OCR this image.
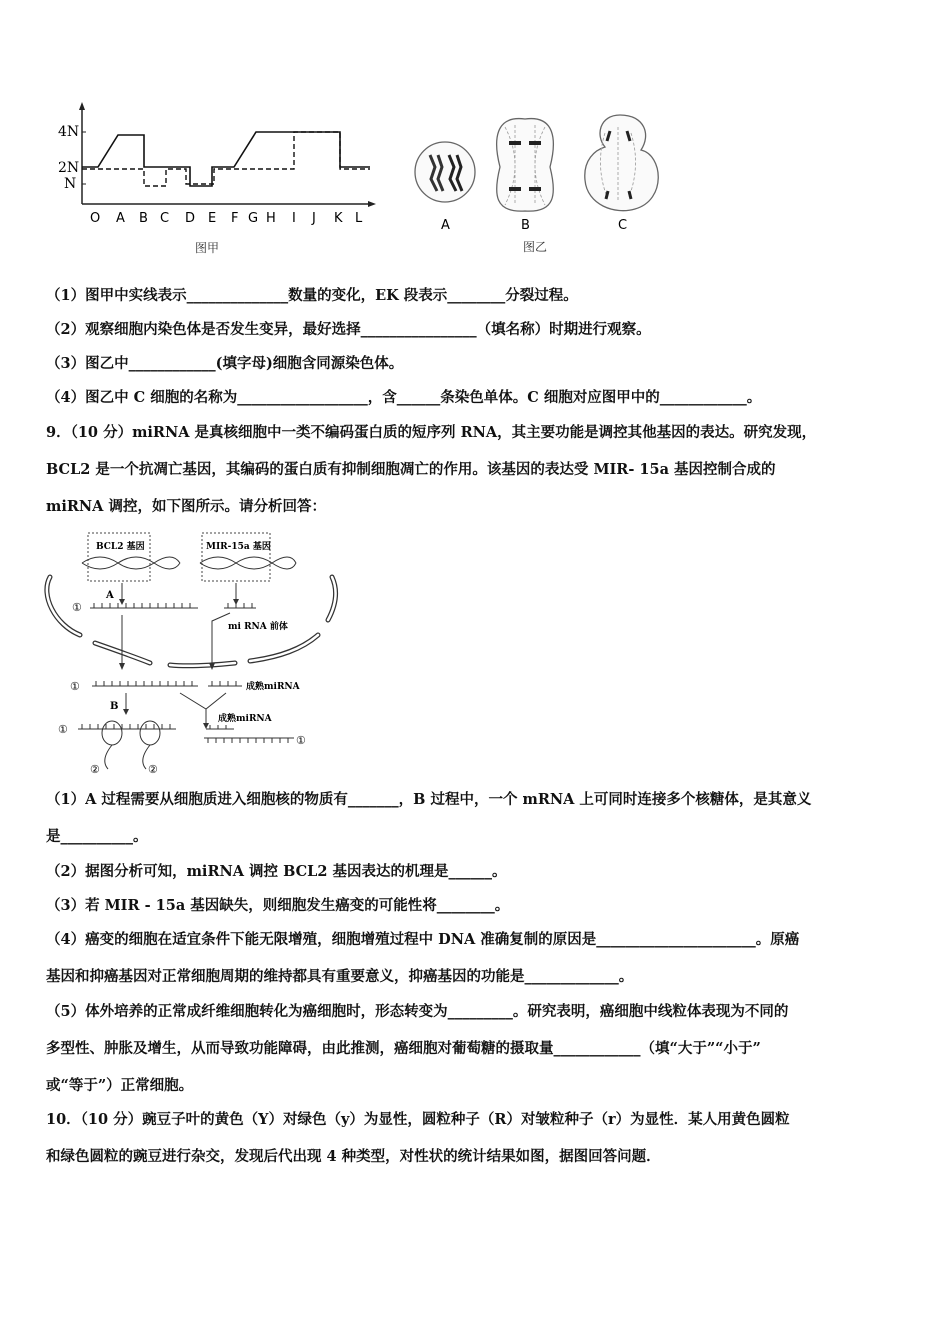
4N
2N
N
O A B C D E F G H I J K L
图甲
A	B	C
图乙
（1）图甲中实线表示______________数量的变化，EK 段表示________分裂过程。
（2）观察细胞内染色体是否发生变异，最好选择________________（填名称）时期进行观察。
（3）图乙中____________(填字母)细胞含同源染色体。
（4）图乙中 C 细胞的名称为__________________，含______条染色单体。C 细胞对应图甲中的____________。
9．（10 分）miRNA 是真核细胞中一类不编码蛋白质的短序列 RNA，其主要功能是调控其他基因的表达。研究发现，
BCL2 是一个抗凋亡基因，其编码的蛋白质有抑制细胞凋亡的作用。该基因的表达受 MIR- 15a 基因控制合成的
miRNA 调控，如下图所示。请分析回答：
BCL2 基因	MIR-15a 基因
①
A
mi RNA 前体
①	成熟miRNA
B
成熟miRNA
①
②	②
①
（1）A 过程需要从细胞质进入细胞核的物质有_______，B 过程中，一个 mRNA 上可同时连接多个核糖体，是其意义
是__________。
（2）据图分析可知，miRNA 调控 BCL2 基因表达的机理是______。
（3）若 MIR - 15a 基因缺失，则细胞发生癌变的可能性将________。
（4）癌变的细胞在适宜条件下能无限增殖，细胞增殖过程中 DNA 准确复制的原因是______________________。原癌
基因和抑癌基因对正常细胞周期的维持都具有重要意义，抑癌基因的功能是_____________。
（5）体外培养的正常成纤维细胞转化为癌细胞时，形态转变为_________。研究表明，癌细胞中线粒体表现为不同的
多型性、肿胀及增生，从而导致功能障碍，由此推测，癌细胞对葡萄糖的摄取量____________（填“大于”“小于”
或“等于”）正常细胞。
10．（10 分）豌豆子叶的黄色（Y）对绿色（y）为显性，圆粒种子（R）对皱粒种子（r）为显性．某人用黄色圆粒
和绿色圆粒的豌豆进行杂交，发现后代出现 4 种类型，对性状的统计结果如图，据图回答问题．
